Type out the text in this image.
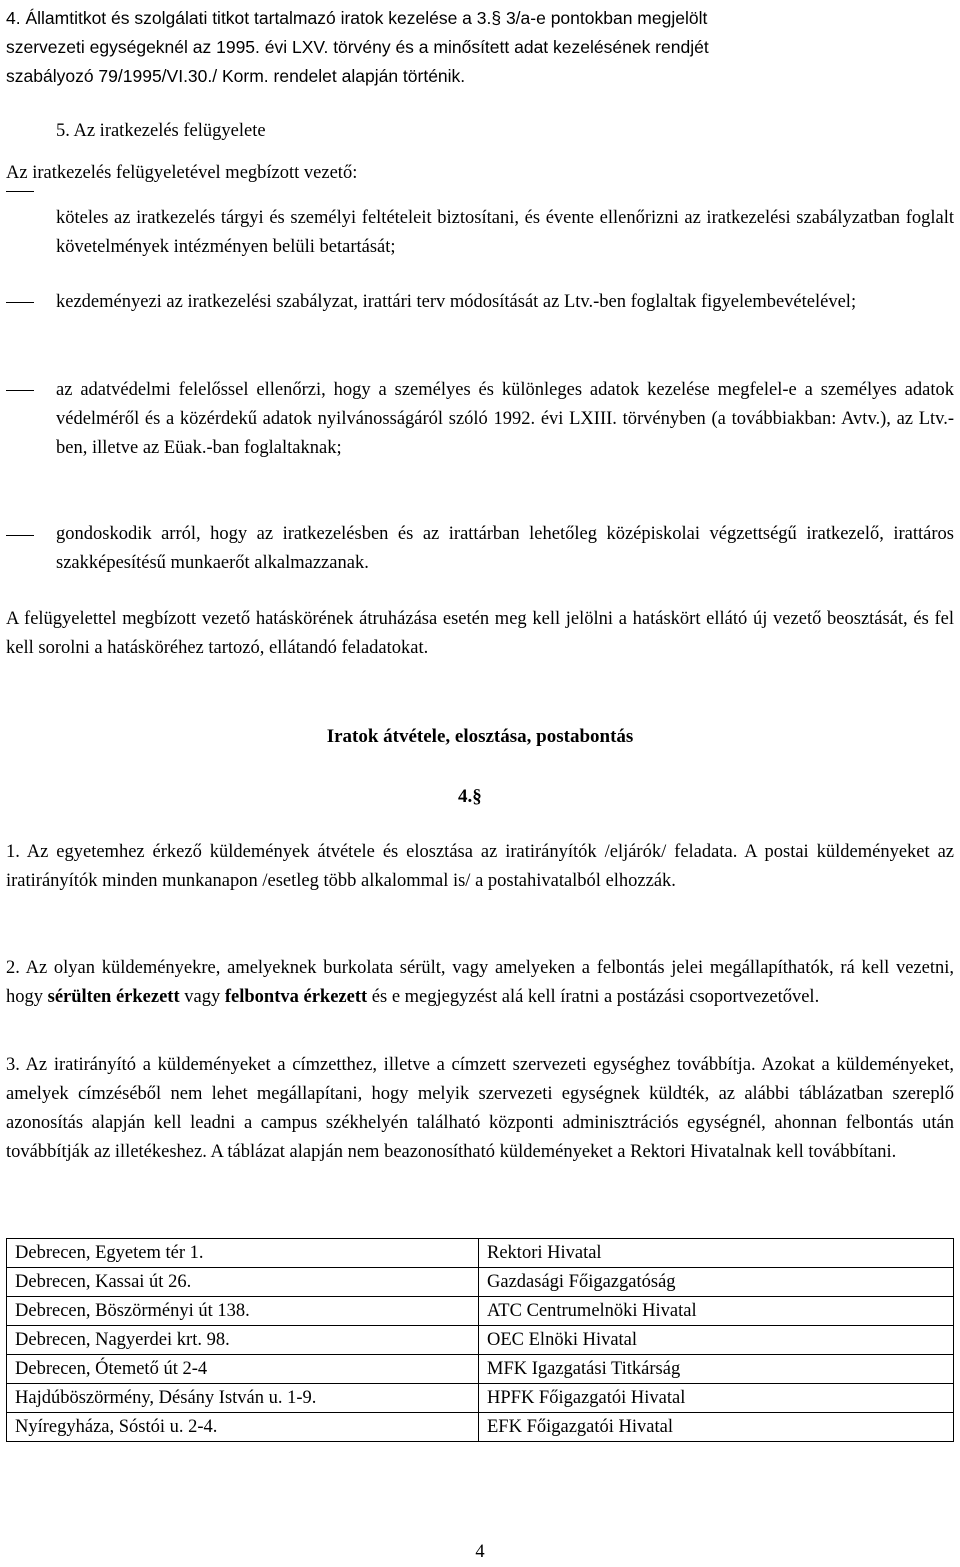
4. Államtitkot és szolgálati titkot tartalmazó iratok kezelése a 3.§ 3/a-e pontokban megjelölt

szervezeti egységeknél az 1995. évi LXV. törvény és a minősített adat kezelésének rendjét

szabályozó 79/1995/VI.30./ Korm. rendelet alapján történik.

5. Az iratkezelés felügyelete

Az iratkezelés felügyeletével megbízott vezető:

köteles az iratkezelés tárgyi és személyi feltételeit biztosítani, és évente ellenőrizni az iratkezelési szabályzatban foglalt követelmények intézményen belüli betartását;

kezdeményezi az iratkezelési szabályzat, irattári terv módosítását az Ltv.-ben foglaltak figyelembevételével;

az adatvédelmi felelőssel ellenőrzi, hogy a személyes és különleges adatok kezelése megfelel-e a személyes adatok védelméről és a közérdekű adatok nyilvánosságáról szóló 1992. évi LXIII. törvényben (a továbbiakban: Avtv.), az Ltv.-ben, illetve az Eüak.-ban foglaltaknak;

gondoskodik arról, hogy az iratkezelésben és az irattárban lehetőleg középiskolai végzettségű iratkezelő, irattáros szakképesítésű munkaerőt alkalmazzanak.

A felügyelettel megbízott vezető hatáskörének átruházása esetén meg kell jelölni a hatáskört ellátó új vezető beosztását, és fel kell sorolni a hatásköréhez tartozó, ellátandó feladatokat.

Iratok átvétele, elosztása, postabontás

4.§

1. Az egyetemhez érkező küldemények átvétele és elosztása az iratirányítók /eljárók/ feladata. A postai küldeményeket az iratirányítók minden munkanapon /esetleg több alkalommal is/ a postahivatalból elhozzák.

2. Az olyan küldeményekre, amelyeknek burkolata sérült, vagy amelyeken a felbontás jelei megállapíthatók, rá kell vezetni, hogy sérülten érkezett vagy felbontva érkezett és e megjegyzést alá kell íratni a postázási csoportvezetővel.

3. Az iratirányító a küldeményeket a címzetthez, illetve a címzett szervezeti egységhez továbbítja. Azokat a küldeményeket, amelyek címzéséből nem lehet megállapítani, hogy melyik szervezeti egységnek küldték, az alábbi táblázatban szereplő azonosítás alapján kell leadni a campus székhelyén található központi adminisztrációs egységnél, ahonnan felbontás után továbbítják az illetékeshez. A táblázat alapján nem beazonosítható küldeményeket a Rektori Hivatalnak kell továbbítani.

Debrecen, Egyetem tér 1.	Rektori Hivatal
Debrecen, Kassai út 26.	Gazdasági Főigazgatóság
Debrecen, Böszörményi út 138.	ATC Centrumelnöki Hivatal
Debrecen, Nagyerdei krt. 98.	OEC Elnöki Hivatal
Debrecen, Ótemető út 2-4	MFK Igazgatási Titkárság
Hajdúböszörmény, Désány István u. 1-9.	HPFK Főigazgatói Hivatal
Nyíregyháza, Sóstói u. 2-4.	EFK Főigazgatói Hivatal
4
